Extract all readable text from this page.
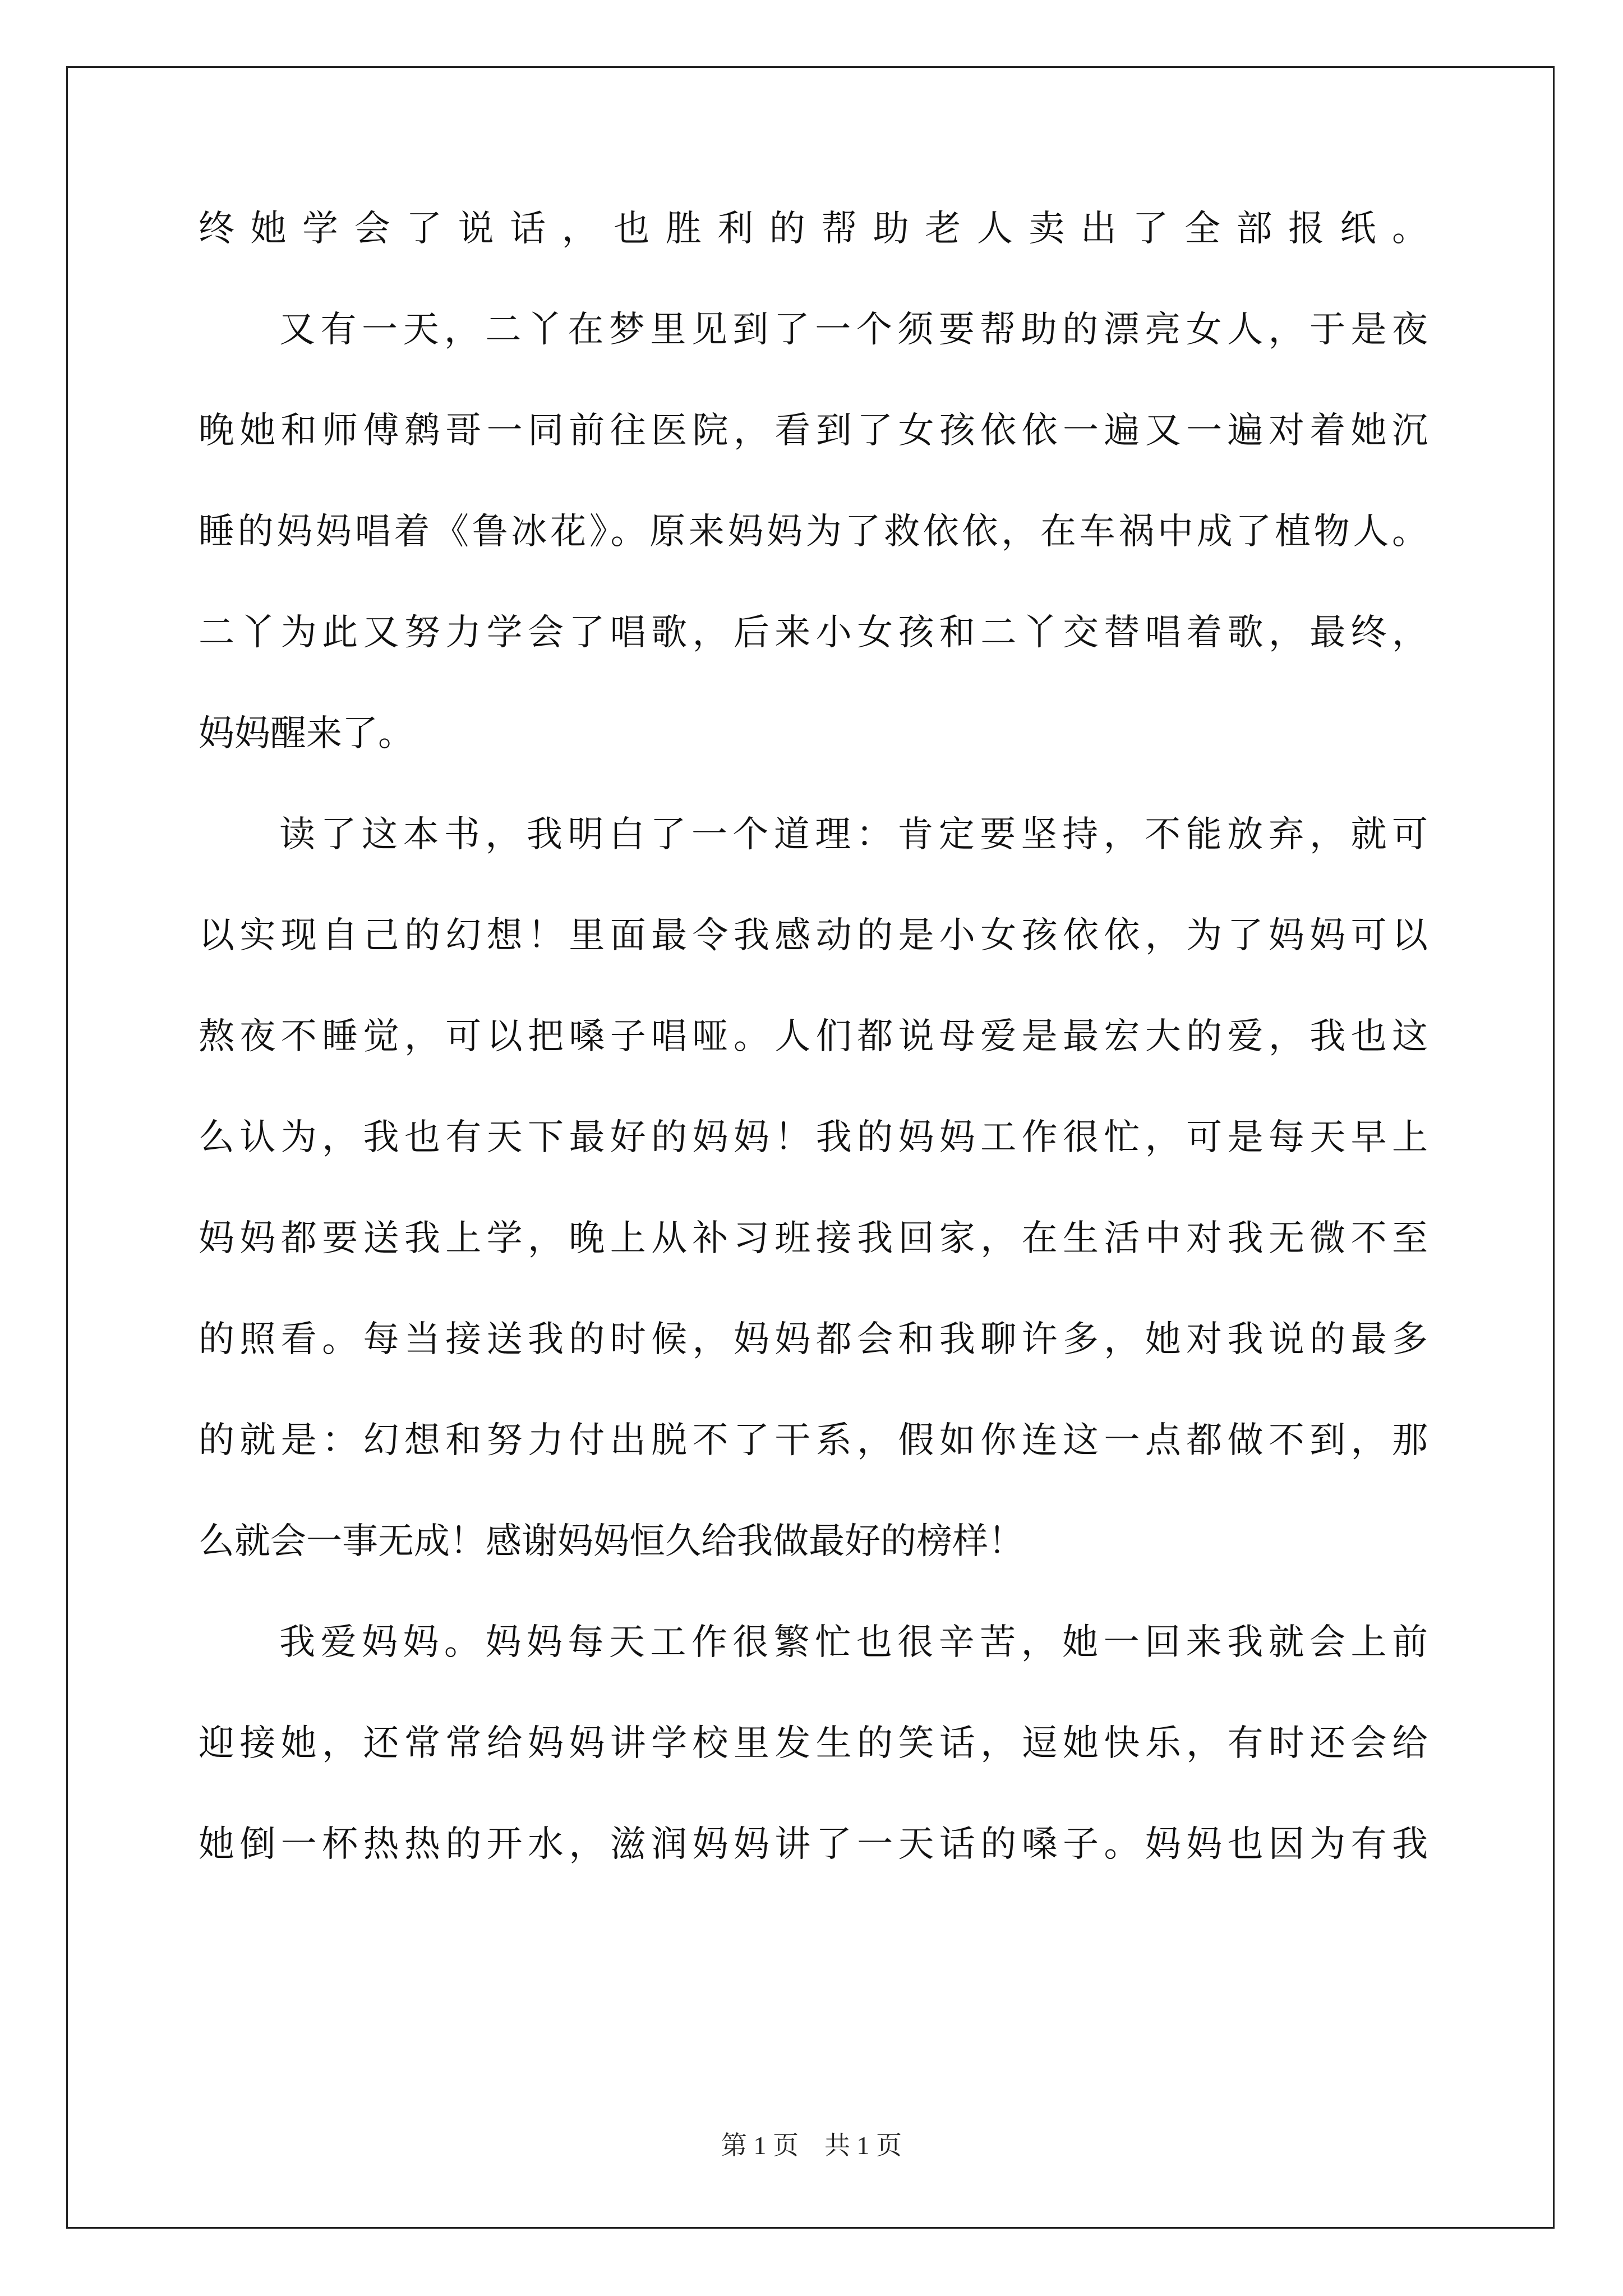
终她学会了说话，也胜利的帮助老人卖出了全部报纸。

又有一天，二丫在梦里见到了一个须要帮助的漂亮女人，于是夜

晚她和师傅鹩哥一同前往医院，看到了女孩依依一遍又一遍对着她沉

睡的妈妈唱着《鲁冰花》。原来妈妈为了救依依，在车祸中成了植物人。

二丫为此又努力学会了唱歌，后来小女孩和二丫交替唱着歌，最终，

妈妈醒来了。

读了这本书，我明白了一个道理：肯定要坚持，不能放弃，就可

以实现自己的幻想！里面最令我感动的是小女孩依依，为了妈妈可以

熬夜不睡觉，可以把嗓子唱哑。人们都说母爱是最宏大的爱，我也这

么认为，我也有天下最好的妈妈！我的妈妈工作很忙，可是每天早上

妈妈都要送我上学，晚上从补习班接我回家，在生活中对我无微不至

的照看。每当接送我的时候，妈妈都会和我聊许多，她对我说的最多

的就是：幻想和努力付出脱不了干系，假如你连这一点都做不到，那

么就会一事无成！感谢妈妈恒久给我做最好的榜样！

我爱妈妈。妈妈每天工作很繁忙也很辛苦，她一回来我就会上前

迎接她，还常常给妈妈讲学校里发生的笑话，逗她快乐，有时还会给

她倒一杯热热的开水，滋润妈妈讲了一天话的嗓子。妈妈也因为有我

第 1 页　共 1 页
